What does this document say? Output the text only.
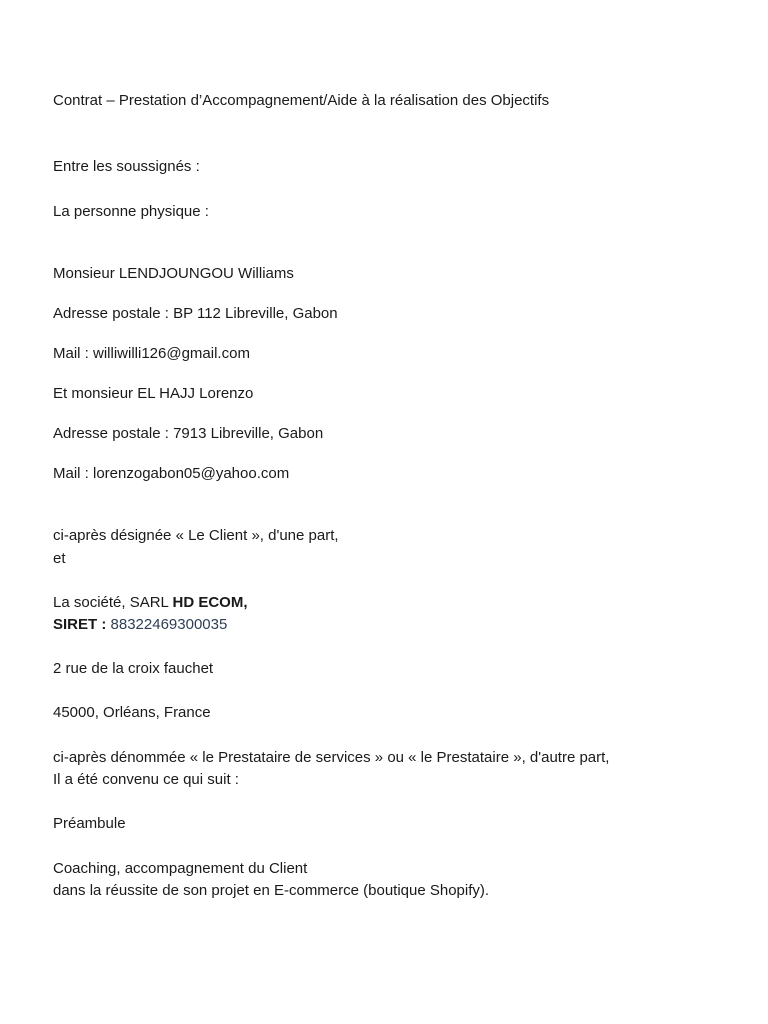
Contrat – Prestation d’Accompagnement/Aide à la réalisation des Objectifs

Entre les soussignés :

La personne physique :

Monsieur LENDJOUNGOU Williams

Adresse postale : BP 112 Libreville, Gabon

Mail : williwilli126@gmail.com

Et monsieur EL HAJJ Lorenzo

Adresse postale : 7913 Libreville, Gabon

Mail : lorenzogabon05@yahoo.com

ci-après désignée « Le Client », d'une part,

et

La société, SARL HD ECOM,

SIRET : 88322469300035

2 rue de la croix fauchet

45000, Orléans, France

ci-après dénommée « le Prestataire de services » ou « le Prestataire », d'autre part,

Il a été convenu ce qui suit :

Préambule

Coaching, accompagnement du Client

dans la réussite de son projet en E-commerce (boutique Shopify).
